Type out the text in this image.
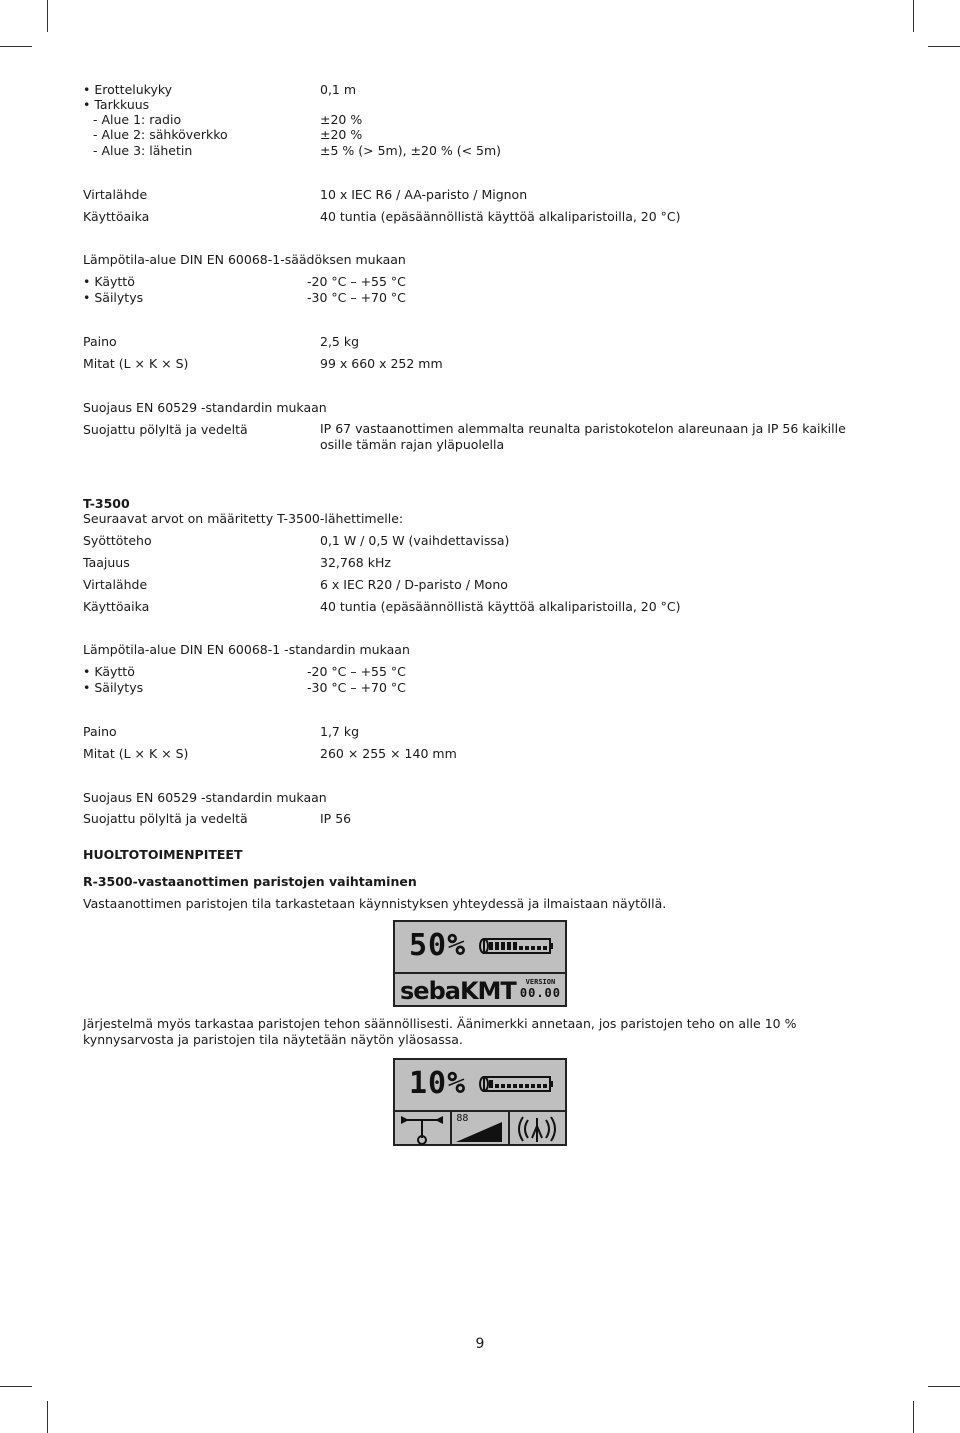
• Erottelukyky	0,1 m
• Tarkkuus
- Alue 1: radio	±20 %
- Alue 2: sähköverkko	±20 %
- Alue 3: lähetin	±5 % (> 5m), ±20 % (< 5m)
Virtalähde	10 x IEC R6 / AA-paristo / Mignon
Käyttöaika	40 tuntia (epäsäännöllistä käyttöä alkaliparistoilla, 20 °C)
Lämpötila-alue DIN EN 60068-1-säädöksen mukaan
• Käyttö	-20 °C – +55 °C
• Säilytys	-30 °C – +70 °C
Paino	2,5 kg
Mitat (L × K × S)	99 x 660 x 252 mm
Suojaus EN 60529 -standardin mukaan
Suojattu pölyltä ja vedeltä	IP 67 vastaanottimen alemmalta reunalta paristokotelon alareunaan ja IP 56 kaikille osille tämän rajan yläpuolella
T-3500
Seuraavat arvot on määritetty T-3500-lähettimelle:
Syöttöteho	0,1 W / 0,5 W (vaihdettavissa)
Taajuus	32,768 kHz
Virtalähde	6 x IEC R20 / D-paristo / Mono
Käyttöaika	40 tuntia (epäsäännöllistä käyttöä alkaliparistoilla, 20 °C)
Lämpötila-alue DIN EN 60068-1 -standardin mukaan
• Käyttö	-20 °C – +55 °C
• Säilytys	-30 °C – +70 °C
Paino	1,7 kg
Mitat (L × K × S)	260 × 255 × 140 mm
Suojaus EN 60529 -standardin mukaan
Suojattu pölyltä ja vedeltä	IP 56
HUOLTOTOIMENPITEET
R-3500-vastaanottimen paristojen vaihtaminen
Vastaanottimen paristojen tila tarkastetaan käynnistyksen yhteydessä ja ilmaistaan näytöllä.
50%
sebaKMT	VERSION
00.00
Järjestelmä myös tarkastaa paristojen tehon säännöllisesti. Äänimerkki annetaan, jos paristojen teho on alle 10 % kynnysarvosta ja paristojen tila näytetään näytön yläosassa.
10%
88
9
